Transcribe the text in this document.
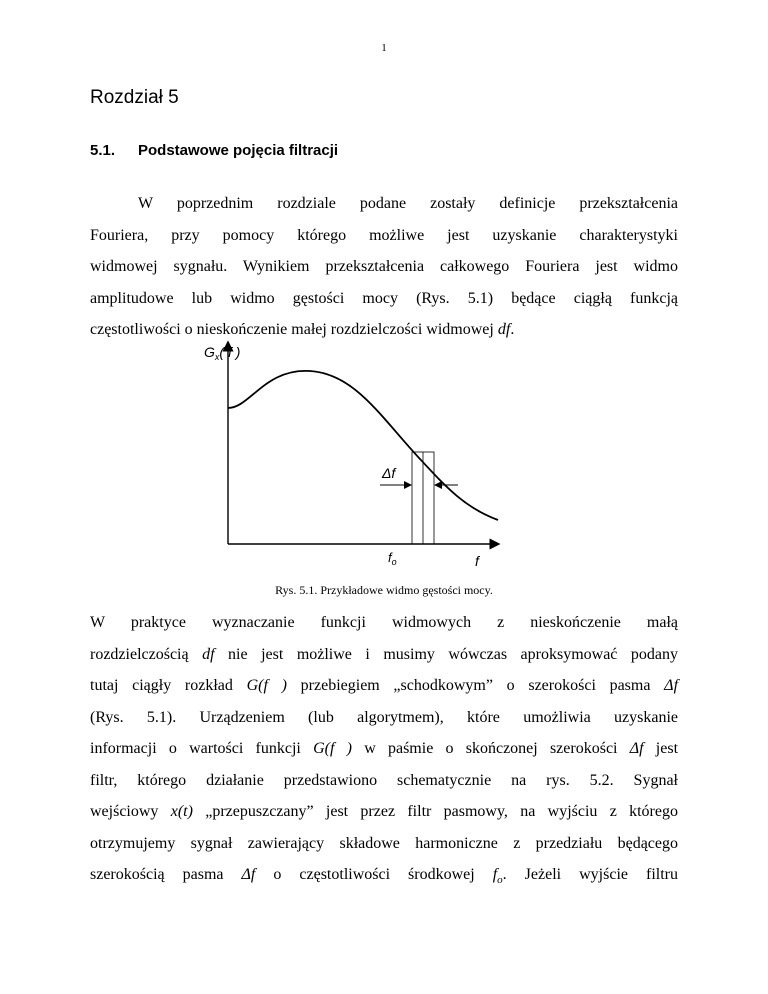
1
Rozdział 5
5.1. Podstawowe pojęcia filtracji
W poprzednim rozdziale podane zostały definicje przekształcenia
Fouriera, przy pomocy którego możliwe jest uzyskanie charakterystyki
widmowej sygnału. Wynikiem przekształcenia całkowego Fouriera jest widmo
amplitudowe lub widmo gęstości mocy (Rys. 5.1) będące ciągłą funkcją
częstotliwości o nieskończenie małej rozdzielczości widmowej df.
$G_x$( f )
Δf
$f_o$	f
Rys. 5.1. Przykładowe widmo gęstości mocy.
W praktyce wyznaczanie funkcji widmowych z nieskończenie małą
rozdzielczością df nie jest możliwe i musimy wówczas aproksymować podany
tutaj ciągły rozkład G(f ) przebiegiem „schodkowym” o szerokości pasma Δf
(Rys. 5.1). Urządzeniem (lub algorytmem), które umożliwia uzyskanie
informacji o wartości funkcji G(f ) w paśmie o skończonej szerokości Δf jest
filtr, którego działanie przedstawiono schematycznie na rys. 5.2. Sygnał
wejściowy x(t) „przepuszczany” jest przez filtr pasmowy, na wyjściu z którego
otrzymujemy sygnał zawierający składowe harmoniczne z przedziału będącego
szerokością pasma Δf o częstotliwości środkowej $f_o$. Jeżeli wyjście filtru
